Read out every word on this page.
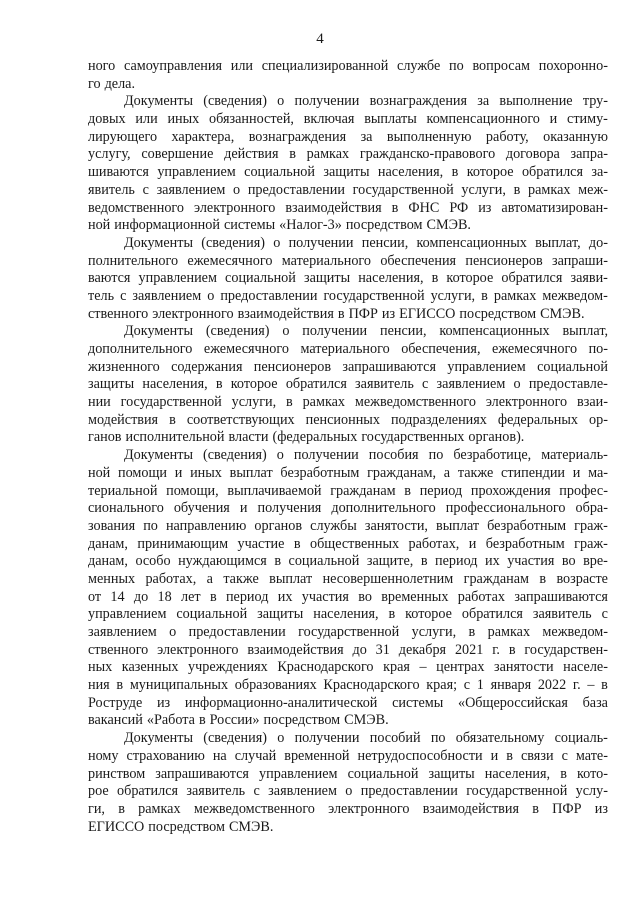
4
ного самоуправления или специализированной службе по вопросам похоронно-
го дела.
Документы (сведения) о получении вознаграждения за выполнение тру-
довых или иных обязанностей, включая выплаты компенсационного и стиму-
лирующего характера, вознаграждения за выполненную работу, оказанную
услугу, совершение действия в рамках гражданско-правового договора запра-
шиваются управлением социальной защиты населения, в которое обратился за-
явитель с заявлением о предоставлении государственной услуги, в рамках меж-
ведомственного электронного взаимодействия в ФНС РФ из автоматизирован-
ной информационной системы «Налог-3» посредством СМЭВ.
Документы (сведения) о получении пенсии, компенсационных выплат, до-
полнительного ежемесячного материального обеспечения пенсионеров запраши-
ваются управлением социальной защиты населения, в которое обратился заяви-
тель с заявлением о предоставлении государственной услуги, в рамках межведом-
ственного электронного взаимодействия в ПФР из ЕГИССО посредством СМЭВ.
Документы (сведения) о получении пенсии, компенсационных выплат,
дополнительного ежемесячного материального обеспечения, ежемесячного по-
жизненного содержания пенсионеров запрашиваются управлением социальной
защиты населения, в которое обратился заявитель с заявлением о предоставле-
нии государственной услуги, в рамках межведомственного электронного взаи-
модействия в соответствующих пенсионных подразделениях федеральных ор-
ганов исполнительной власти (федеральных государственных органов).
Документы (сведения) о получении пособия по безработице, материаль-
ной помощи и иных выплат безработным гражданам, а также стипендии и ма-
териальной помощи, выплачиваемой гражданам в период прохождения профес-
сионального обучения и получения дополнительного профессионального обра-
зования по направлению органов службы занятости, выплат безработным граж-
данам, принимающим участие в общественных работах, и безработным граж-
данам, особо нуждающимся в социальной защите, в период их участия во вре-
менных работах, а также выплат несовершеннолетним гражданам в возрасте
от 14 до 18 лет в период их участия во временных работах запрашиваются
управлением социальной защиты населения, в которое обратился заявитель с
заявлением о предоставлении государственной услуги, в рамках межведом-
ственного электронного взаимодействия до 31 декабря 2021 г. в государствен-
ных казенных учреждениях Краснодарского края – центрах занятости населе-
ния в муниципальных образованиях Краснодарского края; с 1 января 2022 г. – в
Роструде из информационно-аналитической системы «Общероссийская база
вакансий «Работа в России» посредством СМЭВ.
Документы (сведения) о получении пособий по обязательному социаль-
ному страхованию на случай временной нетрудоспособности и в связи с мате-
ринством запрашиваются управлением социальной защиты населения, в кото-
рое обратился заявитель с заявлением о предоставлении государственной услу-
ги, в рамках межведомственного электронного взаимодействия в ПФР из
ЕГИССО посредством СМЭВ.
